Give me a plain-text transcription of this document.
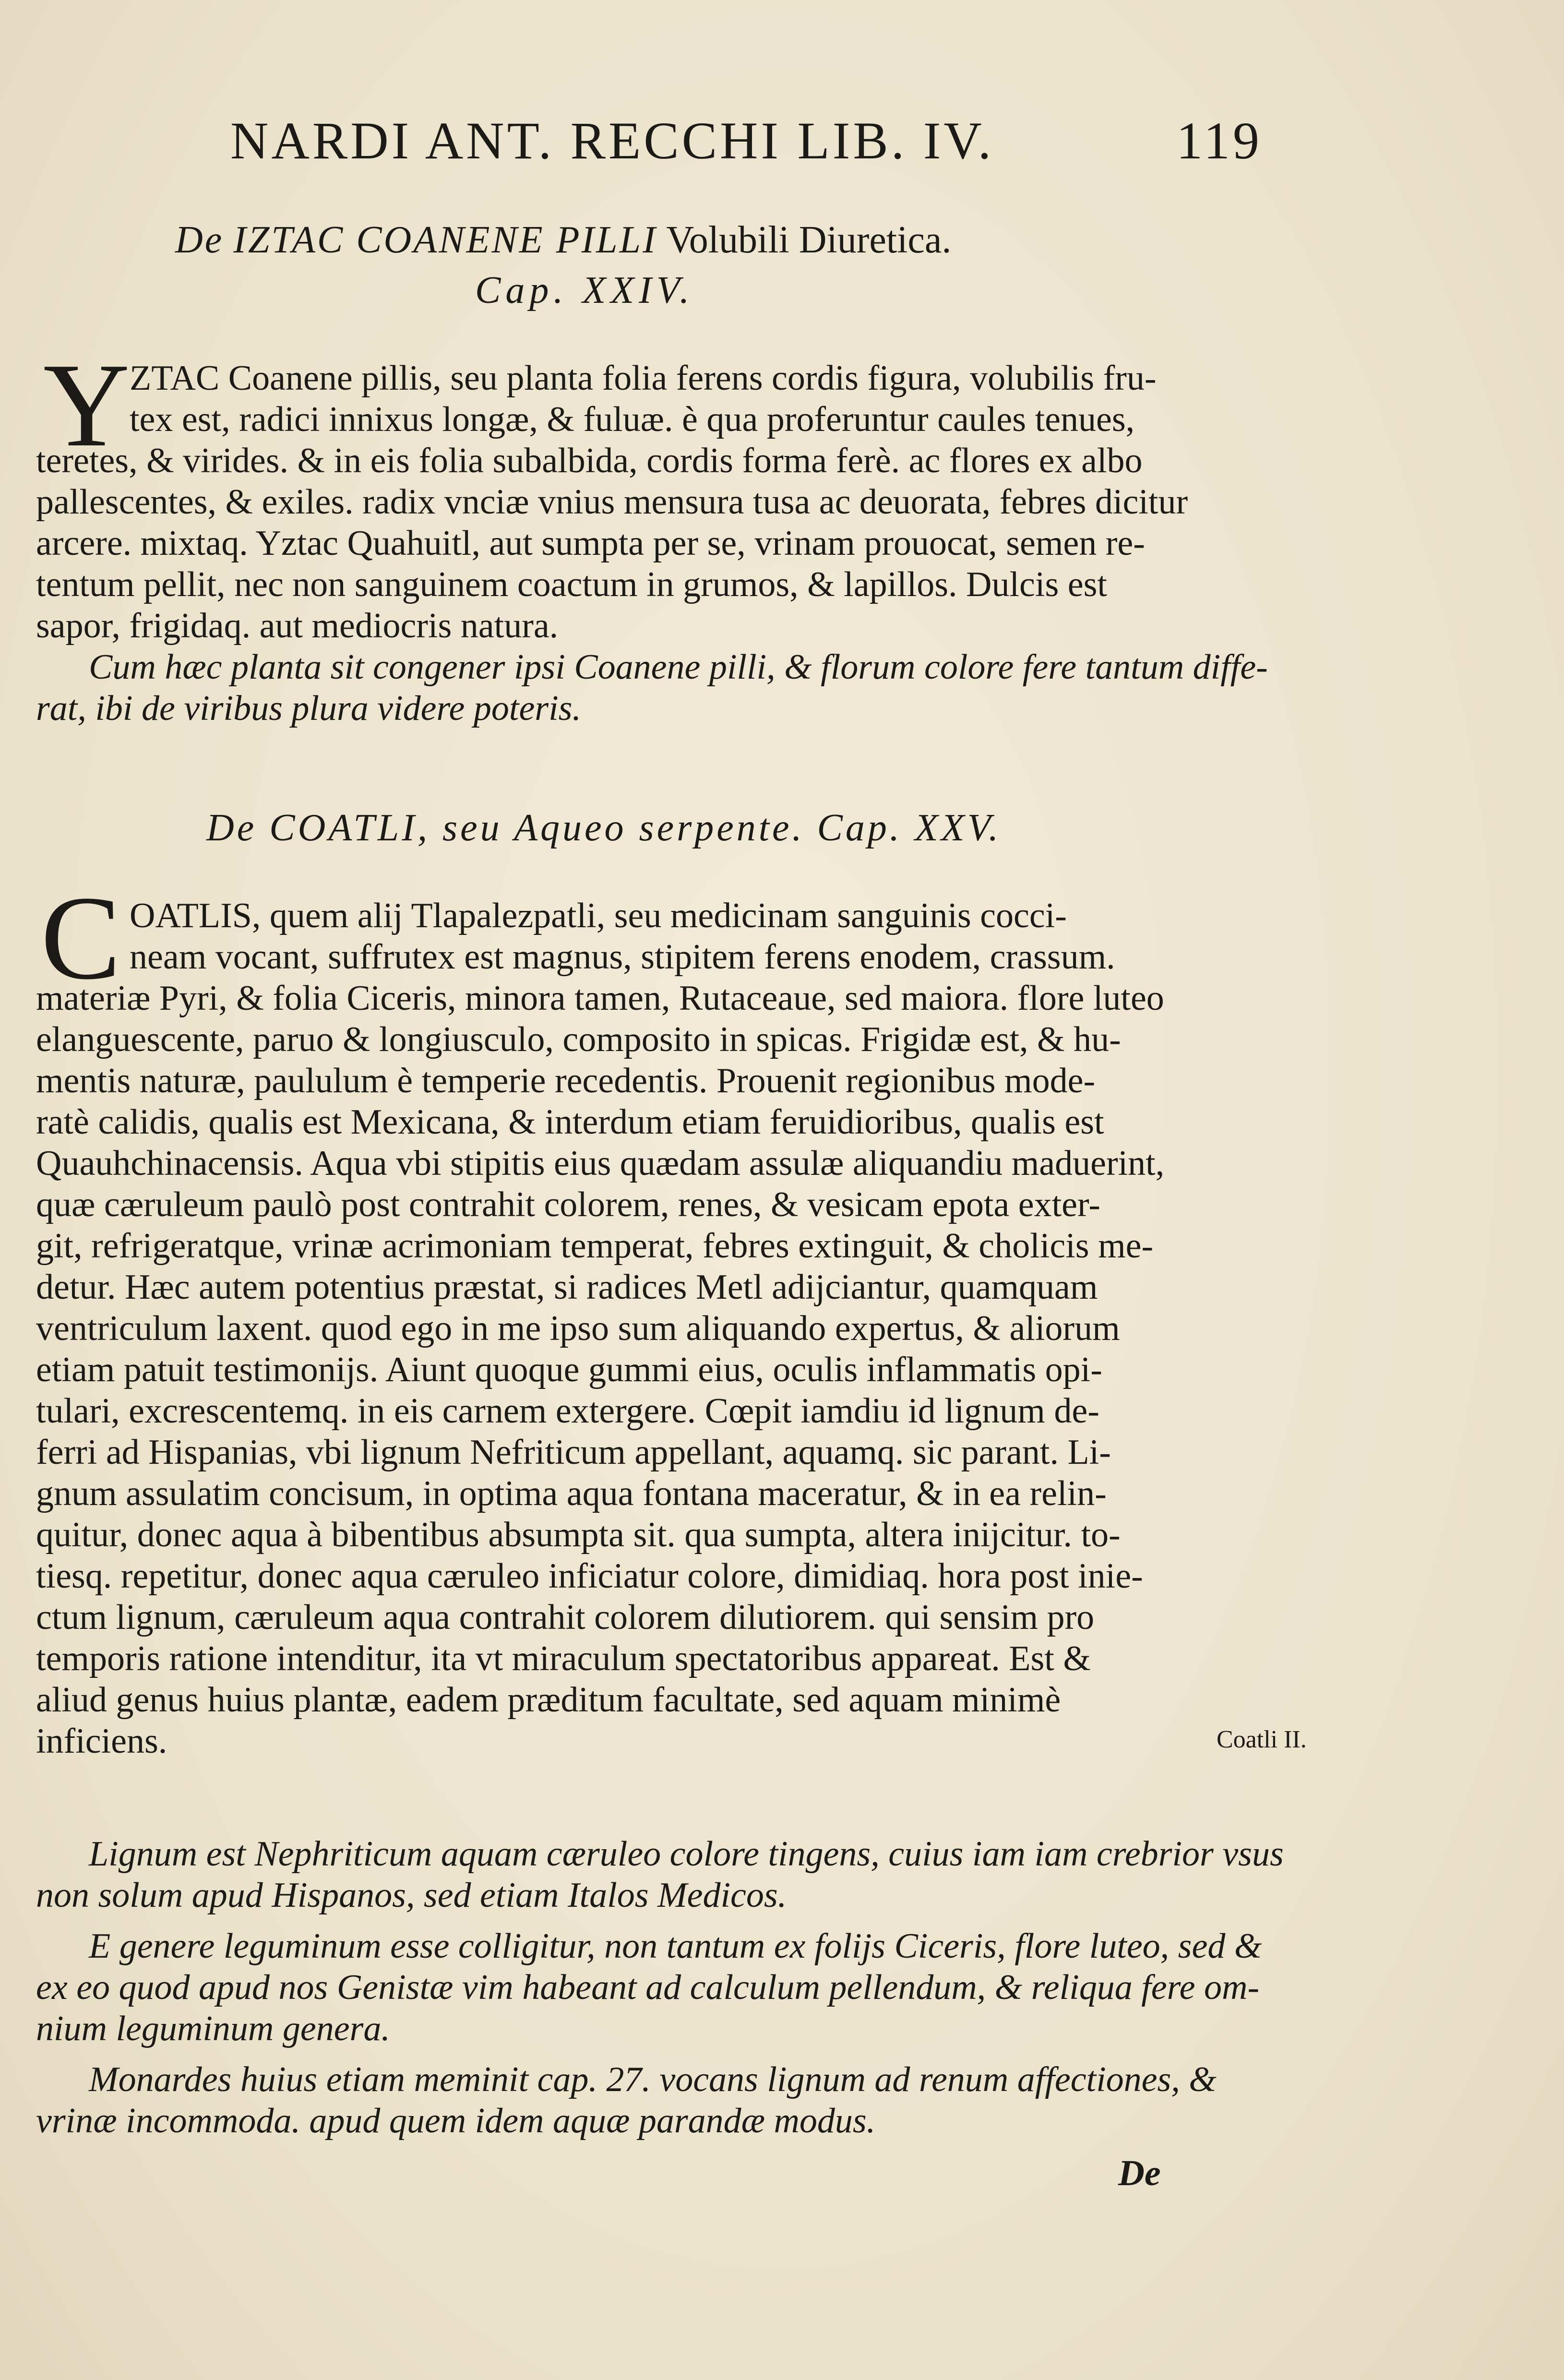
NARDI ANT. RECCHI LIB. IV.	119
De IZTAC COANENE PILLI Volubili Diuretica.
Cap. XXIV.
Y ZTAC Coanene pillis, seu planta folia ferens cordis figura, volubilis fru-
tex est, radici innixus longæ, & fuluæ. è qua proferuntur caules tenues,
teretes, & virides. & in eis folia subalbida, cordis forma ferè. ac flores ex albo
pallescentes, & exiles. radix vnciæ vnius mensura tusa ac deuorata, febres dicitur
arcere. mixtaq. Yztac Quahuitl, aut sumpta per se, vrinam prouocat, semen re-
tentum pellit, nec non sanguinem coactum in grumos, & lapillos. Dulcis est
sapor, frigidaq. aut mediocris natura.
Cum hæc planta sit congener ipsi Coanene pilli, & florum colore fere tantum diffe-
rat, ibi de viribus plura videre poteris.
De COATLI, seu Aqueo serpente. Cap. XXV.
C OATLIS, quem alij Tlapalezpatli, seu medicinam sanguinis cocci-
neam vocant, suffrutex est magnus, stipitem ferens enodem, crassum.
materiæ Pyri, & folia Ciceris, minora tamen, Rutaceaue, sed maiora. flore luteo
elanguescente, paruo & longiusculo, composito in spicas. Frigidæ est, & hu-
mentis naturæ, paululum è temperie recedentis. Prouenit regionibus mode-
ratè calidis, qualis est Mexicana, & interdum etiam feruidioribus, qualis est
Quauhchinacensis. Aqua vbi stipitis eius quædam assulæ aliquandiu maduerint,
quæ cæruleum paulò post contrahit colorem, renes, & vesicam epota exter-
git, refrigeratque, vrinæ acrimoniam temperat, febres extinguit, & cholicis me-
detur. Hæc autem potentius præstat, si radices Metl adijciantur, quamquam
ventriculum laxent. quod ego in me ipso sum aliquando expertus, & aliorum
etiam patuit testimonijs. Aiunt quoque gummi eius, oculis inflammatis opi-
tulari, excrescentemq. in eis carnem extergere. Cœpit iamdiu id lignum de-
ferri ad Hispanias, vbi lignum Nefriticum appellant, aquamq. sic parant. Li-
gnum assulatim concisum, in optima aqua fontana maceratur, & in ea relin-
quitur, donec aqua à bibentibus absumpta sit. qua sumpta, altera inijcitur. to-
tiesq. repetitur, donec aqua cæruleo inficiatur colore, dimidiaq. hora post inie-
ctum lignum, cæruleum aqua contrahit colorem dilutiorem. qui sensim pro
temporis ratione intenditur, ita vt miraculum spectatoribus appareat. Est &
aliud genus huius plantæ, eadem præditum facultate, sed aquam minimè
inficiens.	Coatli II.
Lignum est Nephriticum aquam cæruleo colore tingens, cuius iam iam crebrior vsus
non solum apud Hispanos, sed etiam Italos Medicos.
E genere leguminum esse colligitur, non tantum ex folijs Ciceris, flore luteo, sed &
ex eo quod apud nos Genistæ vim habeant ad calculum pellendum, & reliqua fere om-
nium leguminum genera.
Monardes huius etiam meminit cap. 27. vocans lignum ad renum affectiones, &
vrinæ incommoda. apud quem idem aquæ parandæ modus.
De
